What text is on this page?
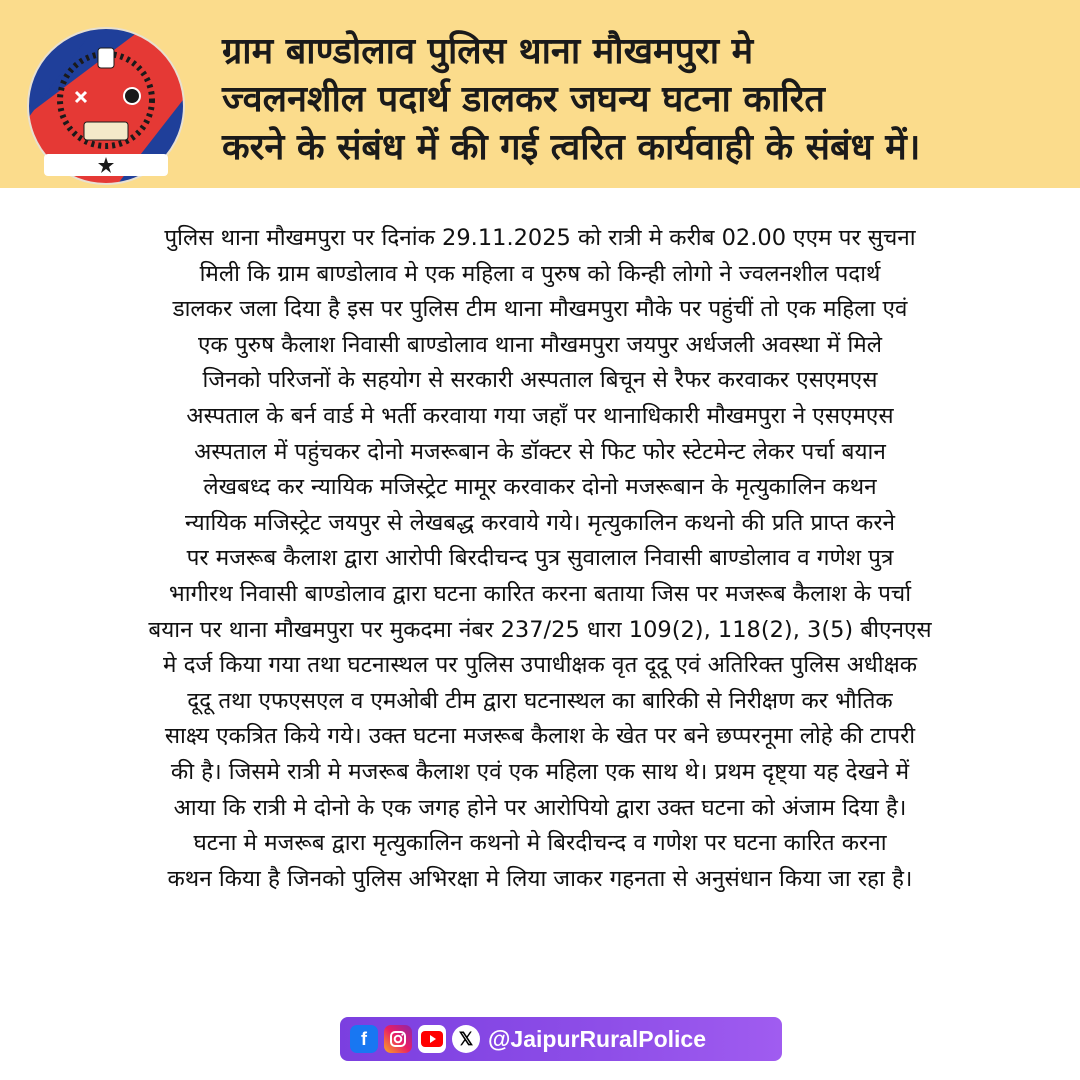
ग्राम बाण्डोलाव पुलिस थाना मौखमपुरा मे
ज्वलनशील पदार्थ डालकर जघन्य घटना कारित
करने के संबंध में की गई त्वरित कार्यवाही के संबंध में।
पुलिस थाना मौखमपुरा पर दिनांक 29.11.2025 को रात्री मे करीब 02.00 एएम पर सुचना
मिली कि ग्राम बाण्डोलाव मे एक महिला व पुरुष को किन्ही लोगो ने ज्वलनशील पदार्थ
डालकर जला दिया है इस पर पुलिस टीम थाना मौखमपुरा मौके पर पहुंचीं तो एक महिला एवं
एक पुरुष कैलाश निवासी बाण्डोलाव थाना मौखमपुरा जयपुर अर्धजली अवस्था में मिले
जिनको परिजनों के सहयोग से सरकारी अस्पताल बिचून से रैफर करवाकर एसएमएस
अस्पताल के बर्न वार्ड मे भर्ती करवाया गया जहाँ पर थानाधिकारी मौखमपुरा ने एसएमएस
अस्पताल में पहुंचकर दोनो मजरूबान के डॉक्टर से फिट फोर स्टेटमेन्ट लेकर पर्चा बयान
लेखबध्द कर न्यायिक मजिस्ट्रेट मामूर करवाकर दोनो मजरूबान के मृत्युकालिन कथन
न्यायिक मजिस्ट्रेट जयपुर से लेखबद्ध करवाये गये। मृत्युकालिन कथनो की प्रति प्राप्त करने
पर मजरूब कैलाश द्वारा आरोपी बिरदीचन्द पुत्र सुवालाल निवासी बाण्डोलाव व गणेश पुत्र
भागीरथ निवासी बाण्डोलाव द्वारा घटना कारित करना बताया जिस पर मजरूब कैलाश के पर्चा
बयान पर थाना मौखमपुरा पर मुकदमा नंबर 237/25 धारा 109(2), 118(2), 3(5) बीएनएस
मे दर्ज किया गया तथा घटनास्थल पर पुलिस उपाधीक्षक वृत दूदू एवं अतिरिक्त पुलिस अधीक्षक
दूदू तथा एफएसएल व एमओबी टीम द्वारा घटनास्थल का बारिकी से निरीक्षण कर भौतिक
साक्ष्य एकत्रित किये गये। उक्त घटना मजरूब कैलाश के खेत पर बने छप्परनूमा लोहे की टापरी
की है। जिसमे रात्री मे मजरूब कैलाश एवं एक महिला एक साथ थे। प्रथम दृष्ट्या यह देखने में
आया कि रात्री मे दोनो के एक जगह होने पर आरोपियो द्वारा उक्त घटना को अंजाम दिया है।
घटना मे मजरूब द्वारा मृत्युकालिन कथनो मे बिरदीचन्द व गणेश पर घटना कारित करना
कथन किया है जिनको पुलिस अभिरक्षा मे लिया जाकर गहनता से अनुसंधान किया जा रहा है।
f	𝕏 @JaipurRuralPolice
